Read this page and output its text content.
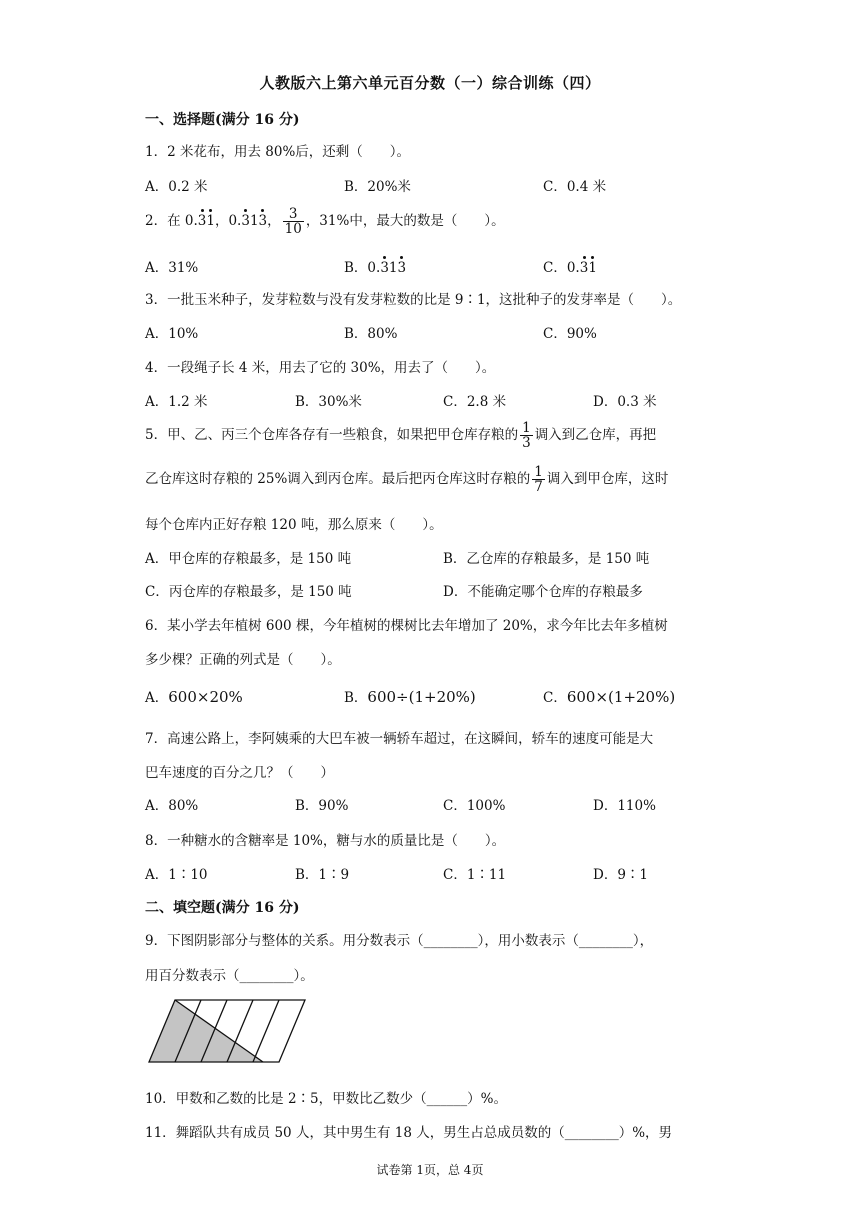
人教版六上第六单元百分数（一）综合训练（四）
一、选择题(满分 16 分)
1．2 米花布，用去 80%后，还剩（　　）。
A．0.2 米	B．20%米	C．0.4 米
2．在 0.31，0.313， $\frac{3}{10}$ ，31%中，最大的数是（　　）。
A．31%	B．0.313	C．0.31
3．一批玉米种子，发芽粒数与没有发芽粒数的比是 9∶1，这批种子的发芽率是（　　）。
A．10%	B．80%	C．90%
4．一段绳子长 4 米，用去了它的 30%，用去了（　　）。
A．1.2 米	B．30%米	C．2.8 米	D．0.3 米
5．甲、乙、丙三个仓库各存有一些粮食，如果把甲仓库存粮的 $\frac{1}{3}$ 调入到乙仓库，再把
乙仓库这时存粮的 25%调入到丙仓库。最后把丙仓库这时存粮的 $\frac{1}{7}$ 调入到甲仓库，这时
每个仓库内正好存粮 120 吨，那么原来（　　）。
A．甲仓库的存粮最多，是 150 吨	B．乙仓库的存粮最多，是 150 吨
C．丙仓库的存粮最多，是 150 吨	D．不能确定哪个仓库的存粮最多
6．某小学去年植树 600 棵，今年植树的棵树比去年增加了 20%，求今年比去年多植树
多少棵？正确的列式是（　　）。
A．600×20%	B．600÷(1+20%)	C．600×(1+20%)
7．高速公路上，李阿姨乘的大巴车被一辆轿车超过，在这瞬间，轿车的速度可能是大
巴车速度的百分之几？（　　）
A．80%	B．90%	C．100%	D．110%
8．一种糖水的含糖率是 10%，糖与水的质量比是（　　）。
A．1∶10	B．1∶9	C．1∶11	D．9∶1
二、填空题(满分 16 分)
9．下图阴影部分与整体的关系。用分数表示（________），用小数表示（________），
用百分数表示（________）。
10．甲数和乙数的比是 2∶5，甲数比乙数少（______）%。
11．舞蹈队共有成员 50 人，其中男生有 18 人，男生占总成员数的（________）%，男
试卷第 1页，总 4页
